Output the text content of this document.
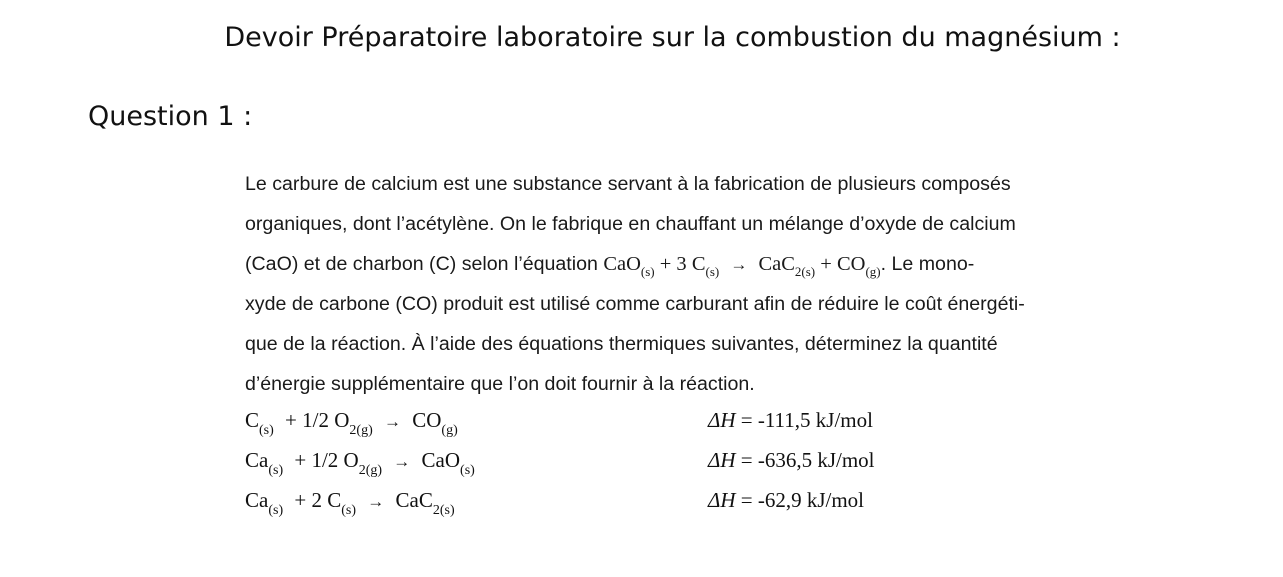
Devoir Préparatoire laboratoire sur la combustion du magnésium :
Question 1 :
Le carbure de calcium est une substance servant à la fabrication de plusieurs composés
organiques, dont l’acétylène. On le fabrique en chauffant un mélange d’oxyde de calcium
(CaO) et de charbon (C) selon l’équation CaO$_{(s)}$ + 3 $C_{(s)} \to CaC_{2(s)} + CO_{(g)}$. Le mono-
xyde de carbone (CO) produit est utilisé comme carburant afin de réduire le coût énergéti-
que de la réaction. À l’aide des équations thermiques suivantes, déterminez la quantité
d’énergie supplémentaire que l’on doit fournir à la réaction.
$C_{(s)} + 1/2$ $O_{2(g)} \to CO_{(g)}$	ΔH = -111,5 kJ/mol
$Ca_{(s)} + 1/2$ $O_{2(g)} \to CaO_{(s)}$	ΔH = -636,5 kJ/mol
$Ca_{(s)} + 2$ $C_{(s)} \to CaC_{2(s)}$	ΔH = -62,9 kJ/mol
